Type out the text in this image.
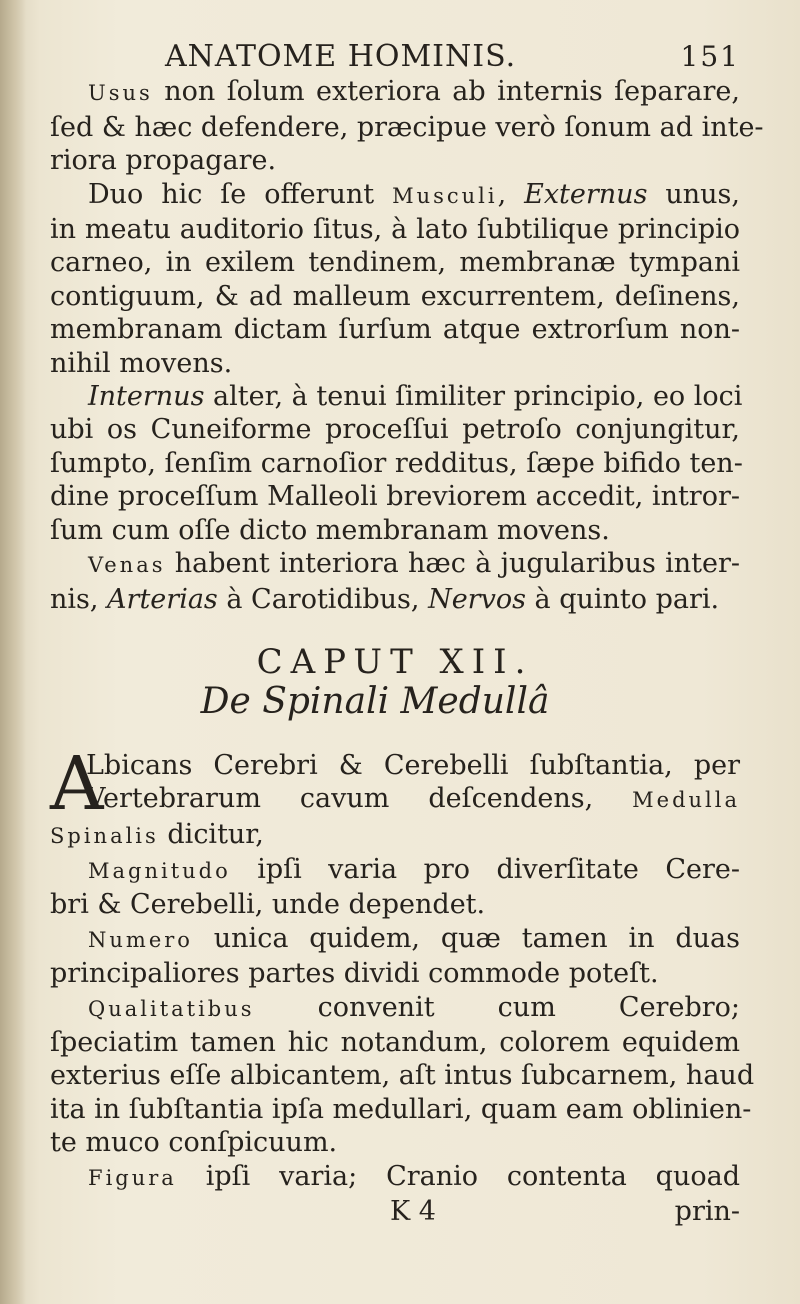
ANATOME HOMINIS.	151
Usus non ſolum exteriora ab internis ſeparare,
ſed & hæc defendere, præcipue verò ſonum ad inte-
riora propagare.
Duo hic ſe offerunt Musculi, Externus unus,
in meatu auditorio ſitus, à lato ſubtilique principio
carneo, in exilem tendinem, membranæ tympani
contiguum, & ad malleum excurrentem, deſinens,
membranam dictam ſurſum atque extrorſum non-
nihil movens.
Internus alter, à tenui ſimiliter principio, eo loci
ubi os Cuneiforme proceſſui petroſo conjungitur,
ſumpto, ſenſim carnoſior redditus, ſæpe bifido ten-
dine proceſſum Malleoli breviorem accedit, intror-
ſum cum oſſe dicto membranam movens.
Venas habent interiora hæc à jugularibus inter-
nis, Arterias à Carotidibus, Nervos à quinto pari.
CAPUT XII.
De Spinali Medullâ
A
Lbicans Cerebri & Cerebelli ſubſtantia, per
Vertebrarum cavum deſcendens, Medulla
Spinalis dicitur,
Magnitudo ipſi varia pro diverſitate Cere-
bri & Cerebelli, unde dependet.
Numero unica quidem, quæ tamen in duas
principaliores partes dividi commode poteſt.
Qualitatibus convenit cum Cerebro;
ſpeciatim tamen hic notandum, colorem equidem
exterius eſſe albicantem, aſt intus ſubcarnem, haud
ita in ſubſtantia ipſa medullari, quam eam oblinien-
te muco conſpicuum.
Figura ipſi varia; Cranio contenta quoad
K 4	prin-
